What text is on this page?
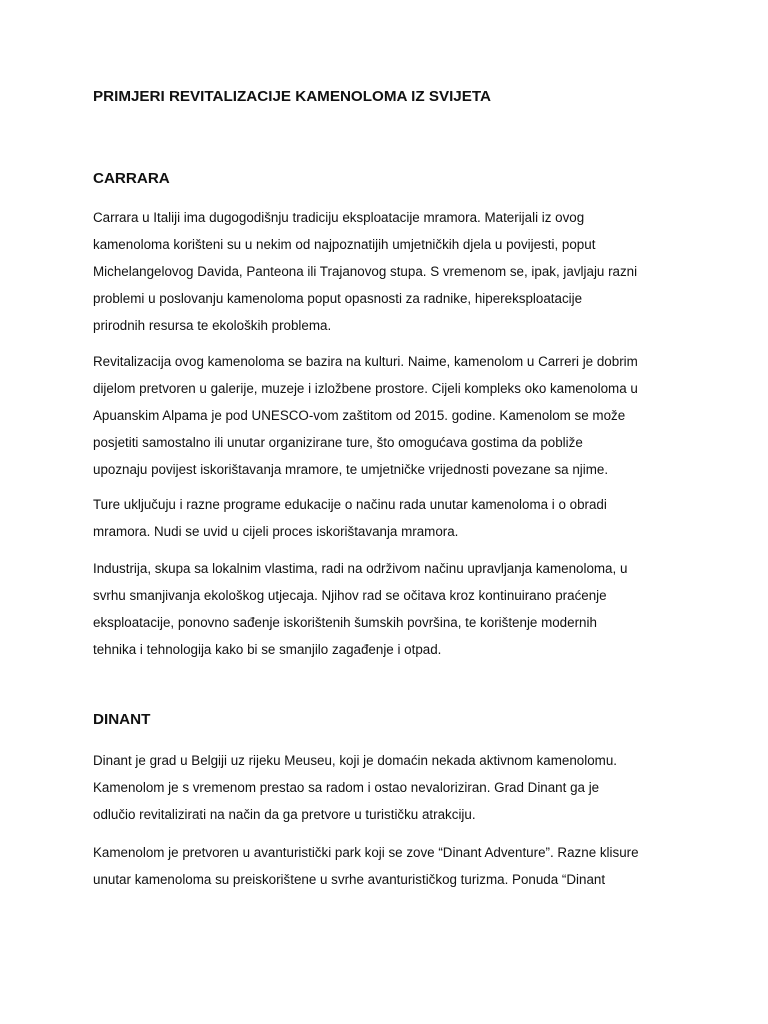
PRIMJERI REVITALIZACIJE KAMENOLOMA IZ SVIJETA
CARRARA

Carrara u Italiji ima dugogodišnju tradiciju eksploatacije mramora. Materijali iz ovog
kamenoloma korišteni su u nekim od najpoznatijih umjetničkih djela u povijesti, poput
Michelangelovog Davida, Panteona ili Trajanovog stupa. S vremenom se, ipak, javljaju razni
problemi u poslovanju kamenoloma poput opasnosti za radnike, hipereksploatacije
prirodnih resursa te ekoloških problema.

Revitalizacija ovog kamenoloma se bazira na kulturi. Naime, kamenolom u Carreri je dobrim
dijelom pretvoren u galerije, muzeje i izložbene prostore. Cijeli kompleks oko kamenoloma u
Apuanskim Alpama je pod UNESCO-vom zaštitom od 2015. godine. Kamenolom se može
posjetiti samostalno ili unutar organizirane ture, što omogućava gostima da pobliže
upoznaju povijest iskorištavanja mramore, te umjetničke vrijednosti povezane sa njime.

Ture uključuju i razne programe edukacije o načinu rada unutar kamenoloma i o obradi
mramora. Nudi se uvid u cijeli proces iskorištavanja mramora.

Industrija, skupa sa lokalnim vlastima, radi na održivom načinu upravljanja kamenoloma, u
svrhu smanjivanja ekološkog utjecaja. Njihov rad se očitava kroz kontinuirano praćenje
eksploatacije, ponovno sađenje iskorištenih šumskih površina, te korištenje modernih
tehnika i tehnologija kako bi se smanjilo zagađenje i otpad.

DINANT

Dinant je grad u Belgiji uz rijeku Meuseu, koji je domaćin nekada aktivnom kamenolomu.
Kamenolom je s vremenom prestao sa radom i ostao nevaloriziran. Grad Dinant ga je
odlučio revitalizirati na način da ga pretvore u turističku atrakciju.

Kamenolom je pretvoren u avanturistički park koji se zove “Dinant Adventure”. Razne klisure
unutar kamenoloma su preiskorištene u svrhe avanturističkog turizma. Ponuda “Dinant
